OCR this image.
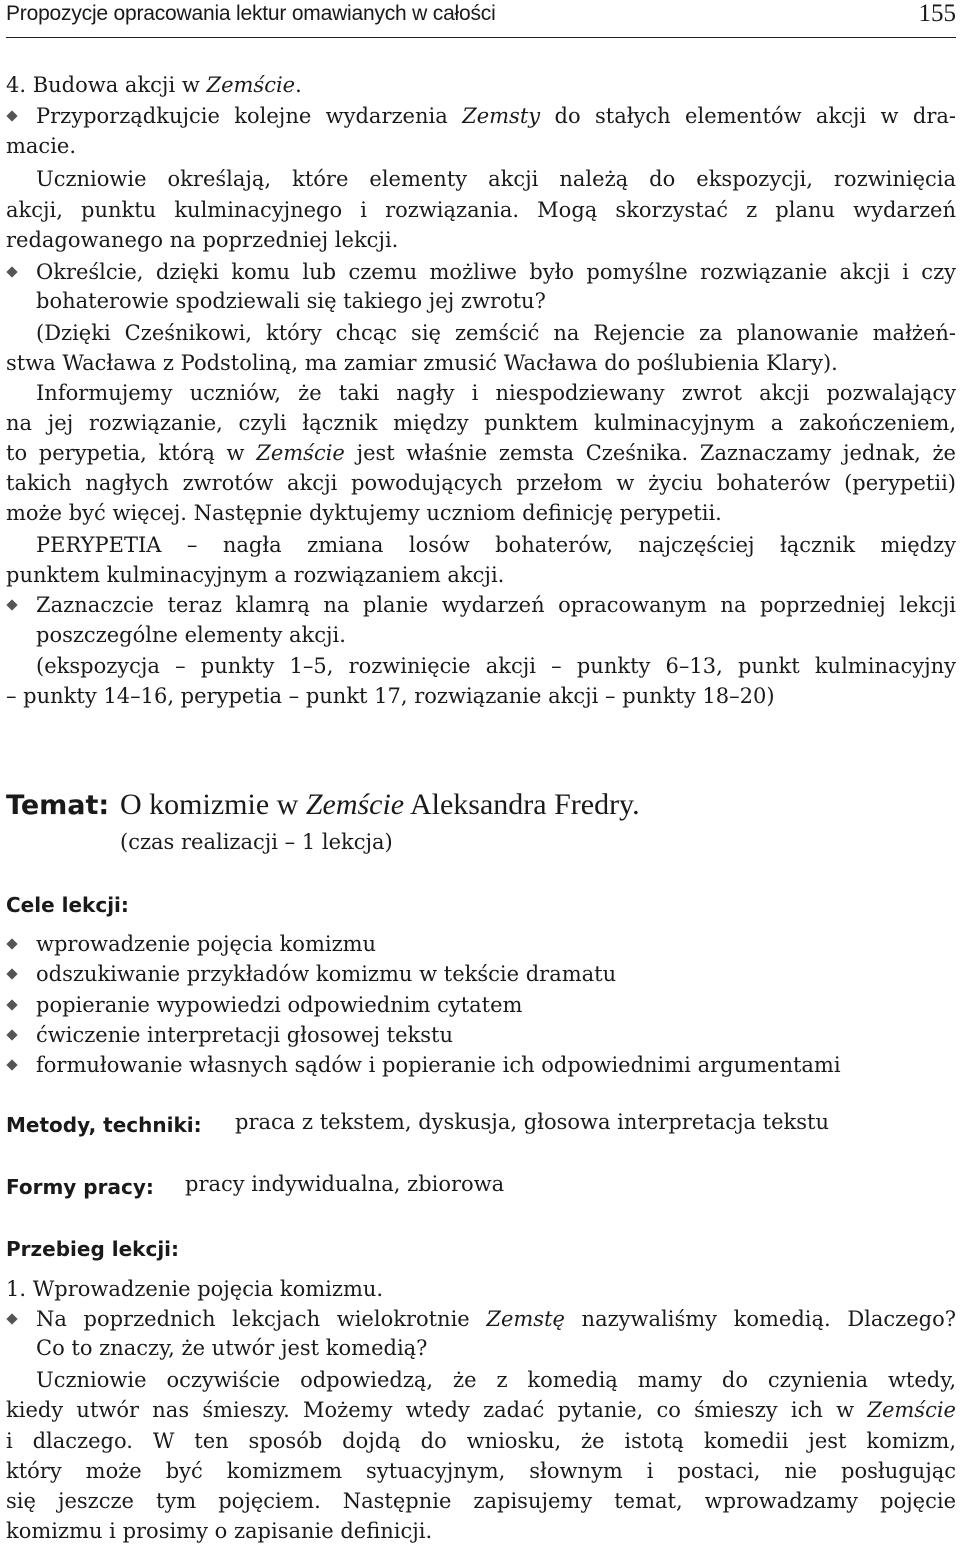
Propozycje opracowania lektur omawianych w całości	155
4. Budowa akcji w Zemście.
Przyporządkujcie kolejne wydarzenia Zemsty do stałych elementów akcji w dra-
macie.
Uczniowie określają, które elementy akcji należą do ekspozycji, rozwinięcia
akcji, punktu kulminacyjnego i rozwiązania. Mogą skorzystać z planu wydarzeń
redagowanego na poprzedniej lekcji.
Określcie, dzięki komu lub czemu możliwe było pomyślne rozwiązanie akcji i czy
bohaterowie spodziewali się takiego jej zwrotu?
(Dzięki Cześnikowi, który chcąc się zemścić na Rejencie za planowanie małżeń-
stwa Wacława z Podstoliną, ma zamiar zmusić Wacława do poślubienia Klary).
Informujemy uczniów, że taki nagły i niespodziewany zwrot akcji pozwalający
na jej rozwiązanie, czyli łącznik między punktem kulminacyjnym a zakończeniem,
to perypetia, którą w Zemście jest właśnie zemsta Cześnika. Zaznaczamy jednak, że
takich nagłych zwrotów akcji powodujących przełom w życiu bohaterów (perypetii)
może być więcej. Następnie dyktujemy uczniom definicję perypetii.
PERYPETIA – nagła zmiana losów bohaterów, najczęściej łącznik między
punktem kulminacyjnym a rozwiązaniem akcji.
Zaznaczcie teraz klamrą na planie wydarzeń opracowanym na poprzedniej lekcji
poszczególne elementy akcji.
(ekspozycja – punkty 1–5, rozwinięcie akcji – punkty 6–13, punkt kulminacyjny
– punkty 14–16, perypetia – punkt 17, rozwiązanie akcji – punkty 18–20)
Temat: O komizmie w Zemście Aleksandra Fredry.
(czas realizacji – 1 lekcja)
Cele lekcji:
wprowadzenie pojęcia komizmu
odszukiwanie przykładów komizmu w tekście dramatu
popieranie wypowiedzi odpowiednim cytatem
ćwiczenie interpretacji głosowej tekstu
formułowanie własnych sądów i popieranie ich odpowiednimi argumentami
Metody, techniki: praca z tekstem, dyskusja, głosowa interpretacja tekstu
Formy pracy: pracy indywidualna, zbiorowa
Przebieg lekcji:
1. Wprowadzenie pojęcia komizmu.
Na poprzednich lekcjach wielokrotnie Zemstę nazywaliśmy komedią. Dlaczego?
Co to znaczy, że utwór jest komedią?
Uczniowie oczywiście odpowiedzą, że z komedią mamy do czynienia wtedy,
kiedy utwór nas śmieszy. Możemy wtedy zadać pytanie, co śmieszy ich w Zemście
i dlaczego. W ten sposób dojdą do wniosku, że istotą komedii jest komizm,
który może być komizmem sytuacyjnym, słownym i postaci, nie posługując
się jeszcze tym pojęciem. Następnie zapisujemy temat, wprowadzamy pojęcie
komizmu i prosimy o zapisanie definicji.
